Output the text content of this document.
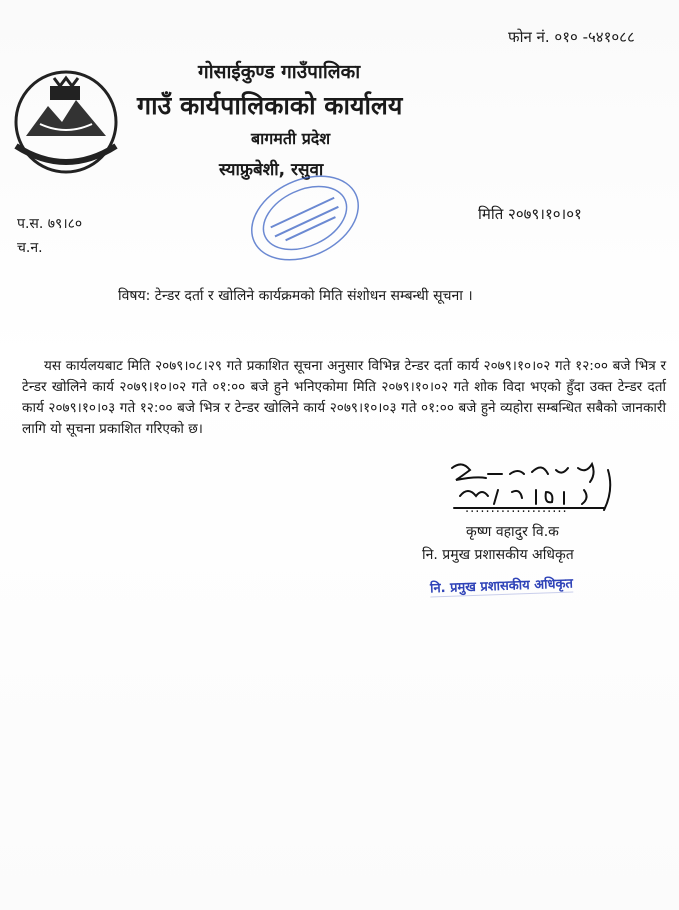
फोन नं. ०१० -५४१०८८
गोसाईकुण्ड गाउँपालिका
गाउँ कार्यपालिकाको कार्यालय
बागमती प्रदेश
स्याफ्रुबेशी, रसुवा
प.स. ७९।८०
च.न.
मिति २०७९।१०।०१
विषय: टेन्डर दर्ता र खोलिने कार्यक्रमको मिति संशोधन सम्बन्धी सूचना ।

यस कार्यलयबाट मिति २०७९।०८।२९ गते प्रकाशित सूचना अनुसार विभिन्न टेन्डर दर्ता कार्य २०७९।१०।०२ गते १२:०० बजे भित्र र टेन्डर खोलिने कार्य २०७९।१०।०२ गते ०१:०० बजे हुने भनिएकोमा मिति २०७९।१०।०२ गते शोक विदा भएको हुँदा उक्त टेन्डर दर्ता कार्य २०७९।१०।०३ गते १२:०० बजे भित्र र टेन्डर खोलिने कार्य २०७९।१०।०३ गते ०१:०० बजे हुने व्यहोरा सम्बन्धित सबैको जानकारी लागि यो सूचना प्रकाशित गरिएको छ।

....................
कृष्ण वहादुर वि.क
नि. प्रमुख प्रशासकीय अधिकृत
नि. प्रमुख प्रशासकीय अधिकृत
